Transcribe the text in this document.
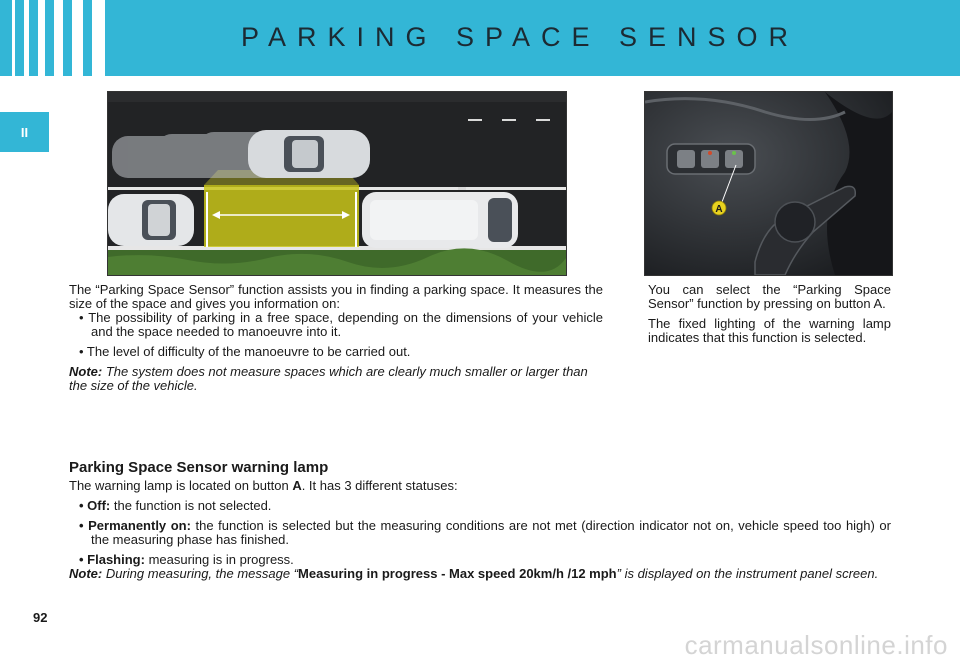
PARKING SPACE SENSOR
II
A

The “Parking Space Sensor” function assists you in finding a parking space. It measures the size of the space and gives you information on:

• The possibility of parking in a free space, depending on the dimensions of your vehicle and the space needed to manoeuvre into it.

• The level of difficulty of the manoeuvre to be carried out.

Note: The system does not measure spaces which are clearly much smaller or larger than the size of the vehicle.

You can select the “Parking Space Sensor” function by pressing on button A.

The fixed lighting of the warning lamp indicates that this function is selected.

Parking Space Sensor warning lamp

The warning lamp is located on button A. It has 3 different statuses:

• Off: the function is not selected.

• Permanently on: the function is selected but the measuring conditions are not met (direction indicator not on, vehicle speed too high) or the measuring phase has finished.

• Flashing: measuring is in progress.

Note: During measuring, the message “Measuring in progress - Max speed 20km/h /12 mph” is displayed on the instrument panel screen.

92
carmanualsonline.info
